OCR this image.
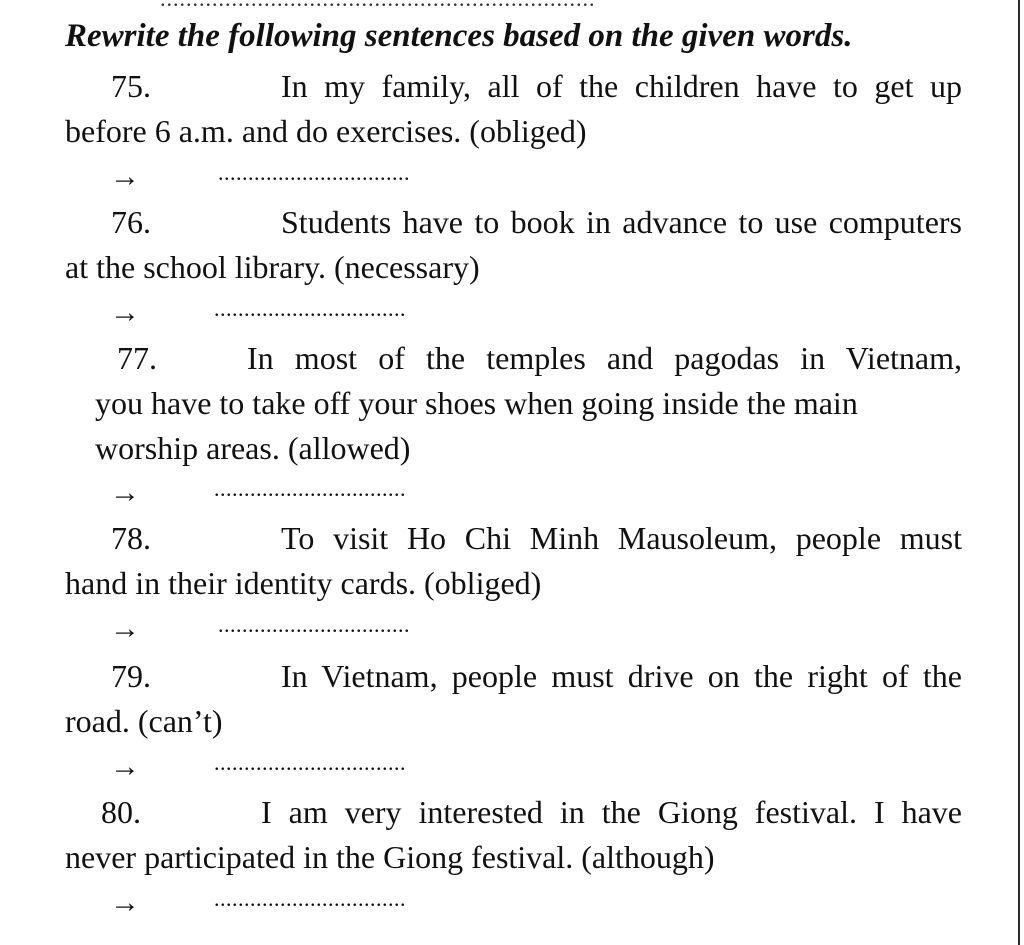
Rewrite the following sentences based on the given words.
75.	In my family, all of the children have to get up
before 6 a.m. and do exercises. (obliged)
→	................................
76.	Students have to book in advance to use computers
at the school library. (necessary)
→	................................
77.	In most of the temples and pagodas in Vietnam,
you have to take off your shoes when going inside the main
worship areas. (allowed)
→	................................
78.	To visit Ho Chi Minh Mausoleum, people must
hand in their identity cards. (obliged)
→	................................
79.	In Vietnam, people must drive on the right of the
road. (can’t)
→	................................
80.	I am very interested in the Giong festival. I have
never participated in the Giong festival. (although)
→	................................
